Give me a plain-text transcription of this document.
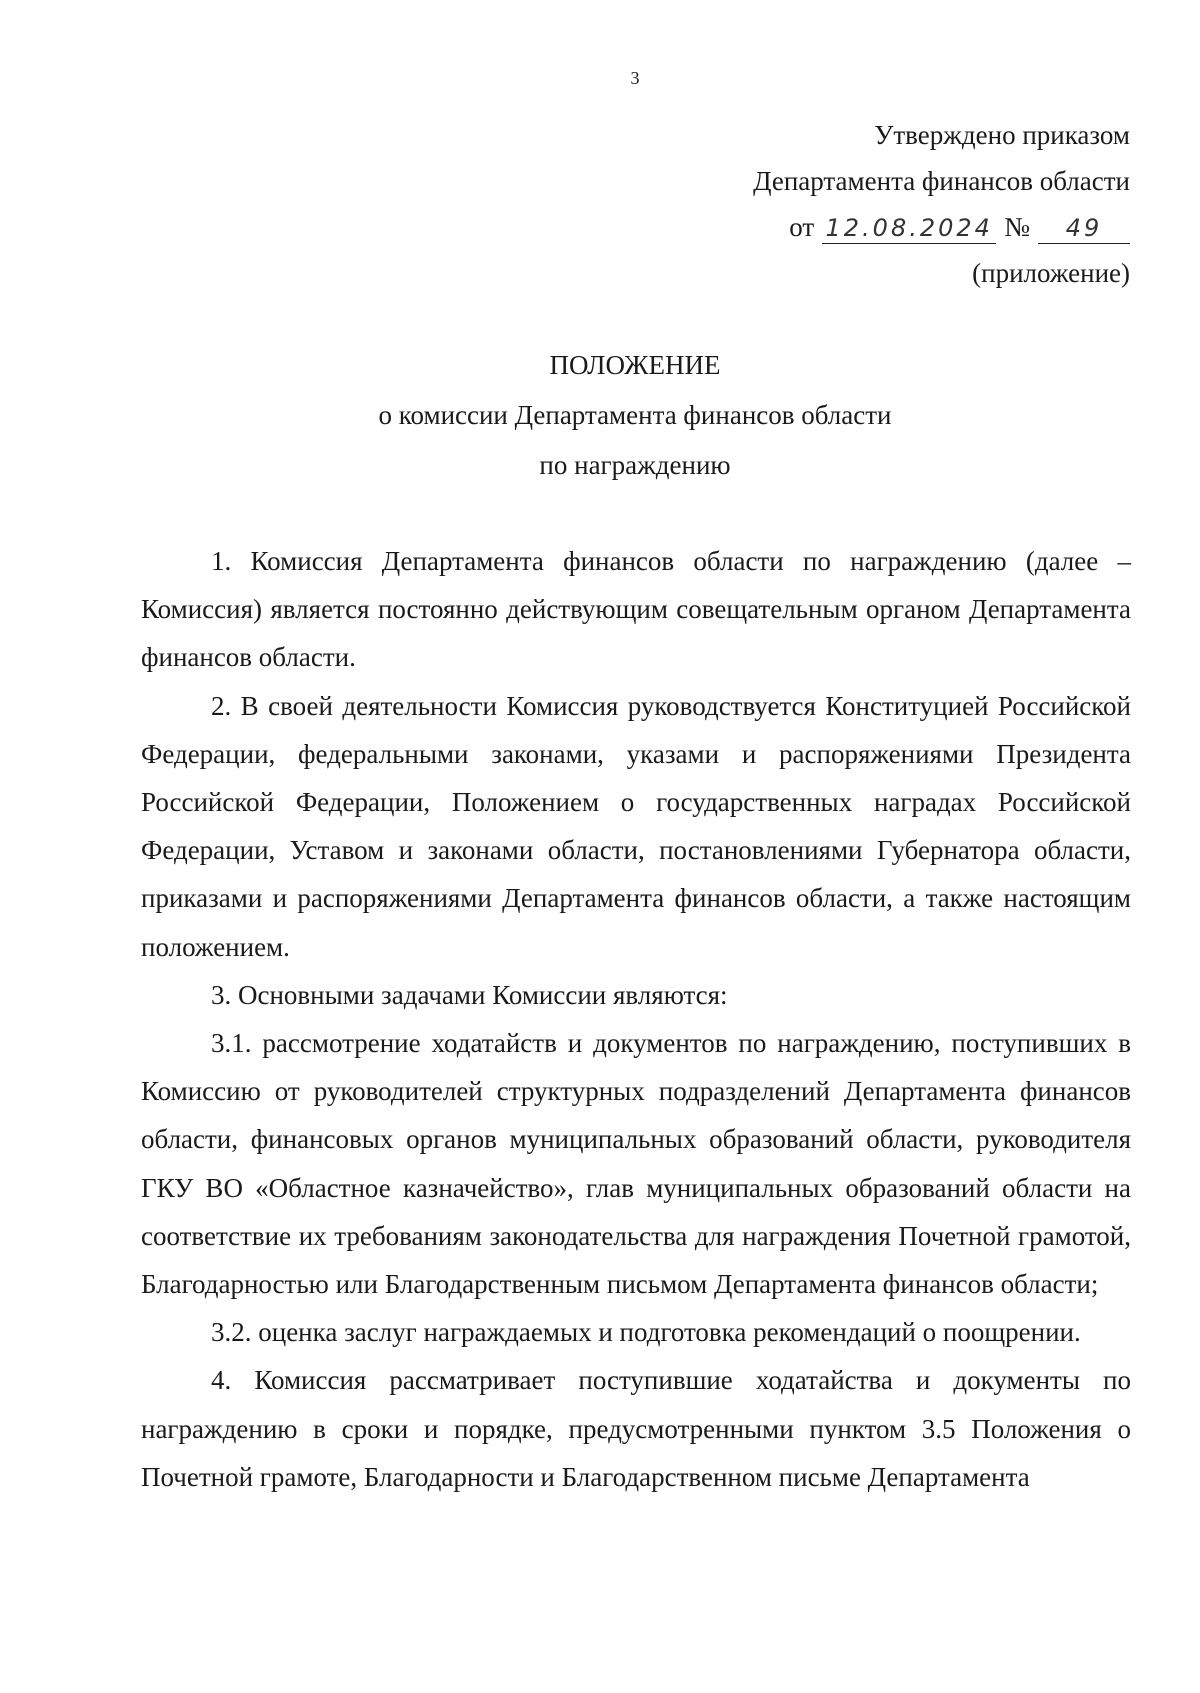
3
Утверждено приказом
Департамента финансов области
от 12.08.2024 №	49
(приложение)
ПОЛОЖЕНИЕ
о комиссии Департамента финансов области
по награждению

1. Комиссия Департамента финансов области по награждению (далее – Комиссия) является постоянно действующим совещательным органом Департамента финансов области.

2. В своей деятельности Комиссия руководствуется Конституцией Российской Федерации, федеральными законами, указами и распоряжениями Президента Российской Федерации, Положением о государственных наградах Российской Федерации, Уставом и законами области, постановлениями Губернатора области, приказами и распоряжениями Департамента финансов области, а также настоящим положением.

3. Основными задачами Комиссии являются:

3.1. рассмотрение ходатайств и документов по награждению, поступивших в Комиссию от руководителей структурных подразделений Департамента финансов области, финансовых органов муниципальных образований области, руководителя ГКУ ВО «Областное казначейство», глав муниципальных образований области на соответствие их требованиям законодательства для награждения Почетной грамотой, Благодарностью или Благодарственным письмом Департамента финансов области;

3.2. оценка заслуг награждаемых и подготовка рекомендаций о поощрении.

4. Комиссия рассматривает поступившие ходатайства и документы по награждению в сроки и порядке, предусмотренными пунктом 3.5 Положения о Почетной грамоте, Благодарности и Благодарственном письме Департамента
